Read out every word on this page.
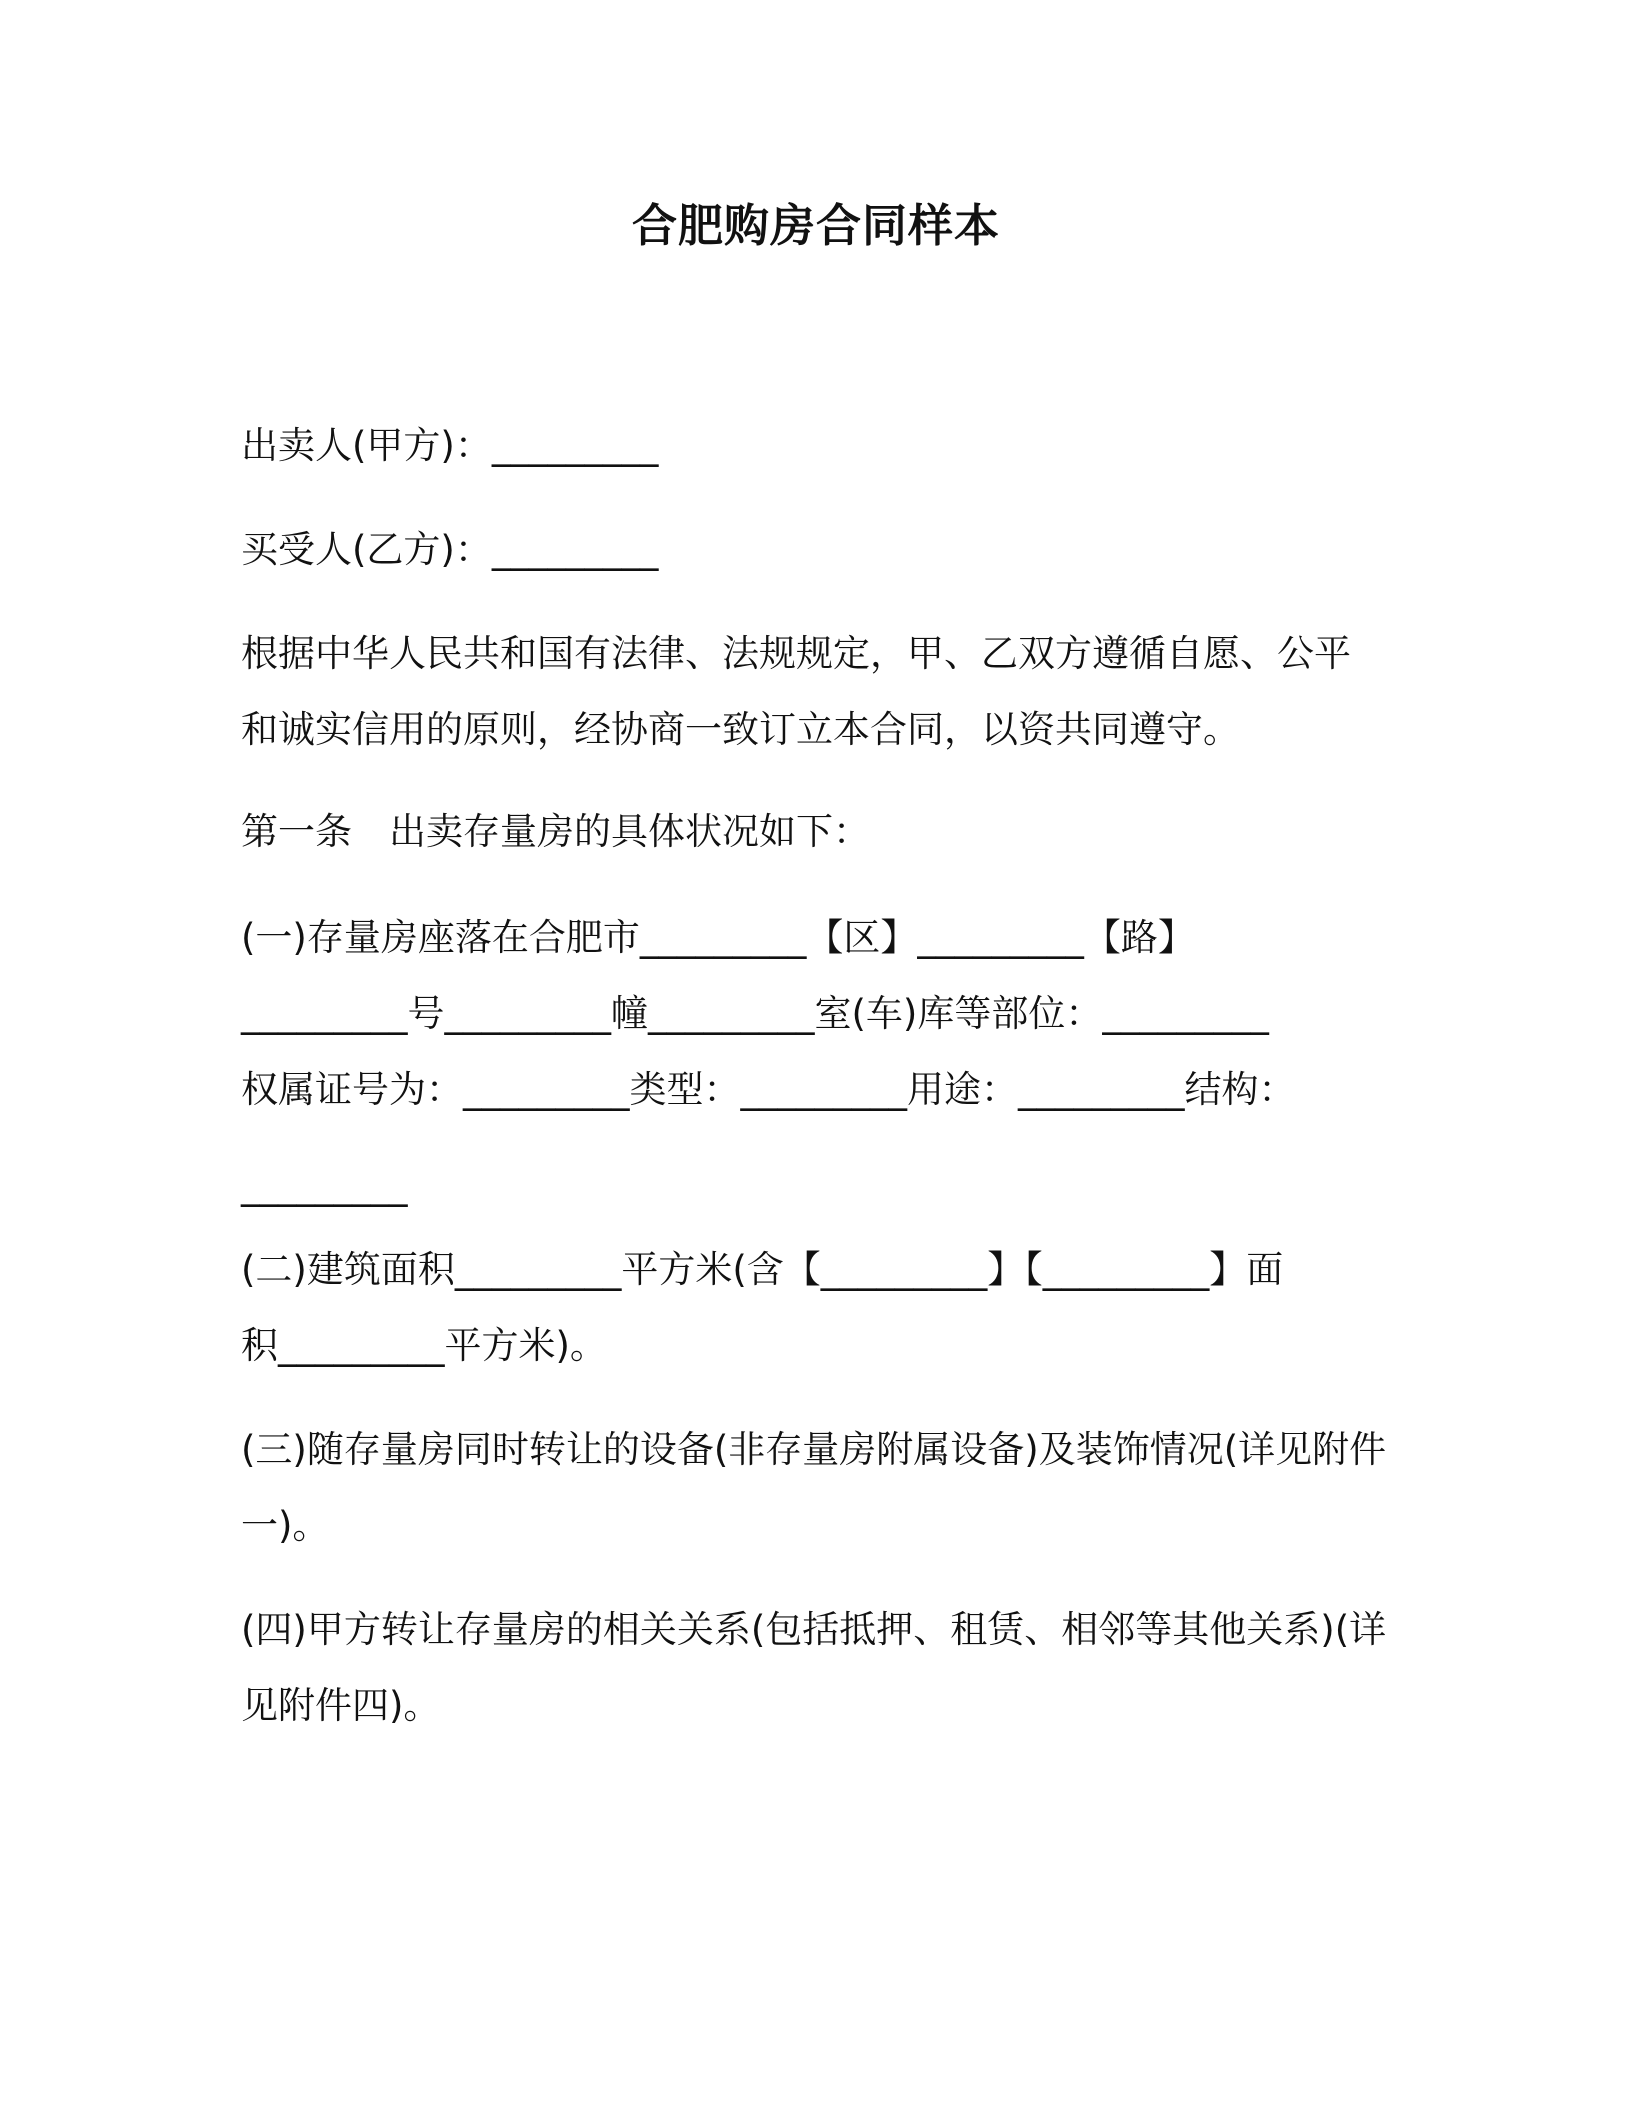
合肥购房合同样本

出卖人(甲方)：_________

买受人(乙方)：_________

根据中华人民共和国有法律、法规规定，甲、乙双方遵循自愿、公平

和诚实信用的原则，经协商一致订立本合同，以资共同遵守。

第一条　出卖存量房的具体状况如下：

(一)存量房座落在合肥市_________【区】_________【路】

_________号_________幢_________室(车)库等部位：_________

权属证号为：_________类型：_________用途：_________结构：

_________

(二)建筑面积_________平方米(含【_________】【_________】面

积_________平方米)。

(三)随存量房同时转让的设备(非存量房附属设备)及装饰情况(详见附件

一)。

(四)甲方转让存量房的相关关系(包括抵押、租赁、相邻等其他关系)(详

见附件四)。
